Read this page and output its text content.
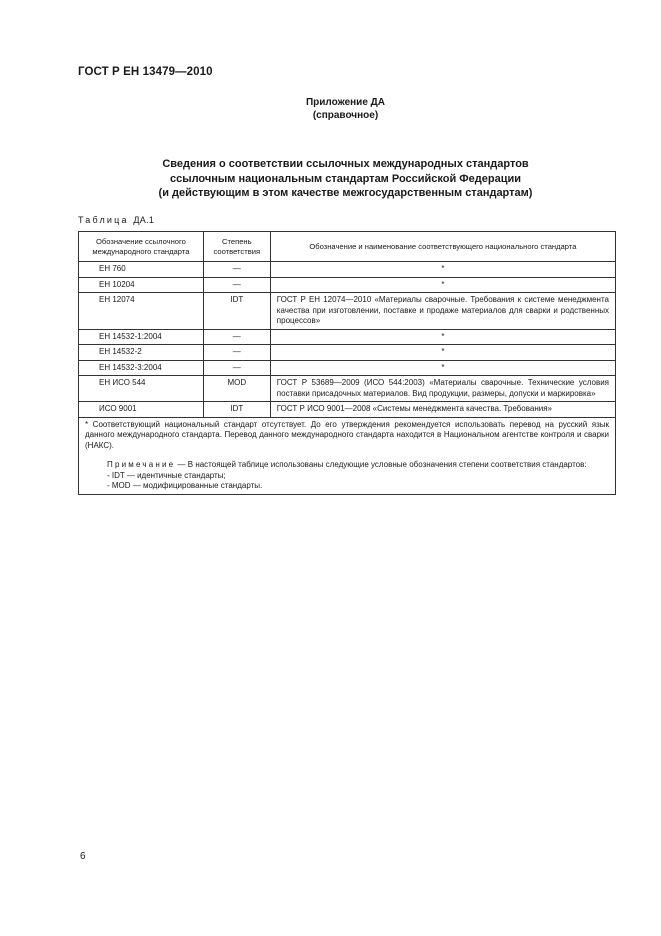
ГОСТ Р ЕН 13479—2010
Приложение ДА
(справочное)
Сведения о соответствии ссылочных международных стандартов
ссылочным национальным стандартам Российской Федерации
(и действующим в этом качестве межгосударственным стандартам)
Таблица ДА.1
Обозначение ссылочного международного стандарта	Степень соответствия	Обозначение и наименование соответствующего национального стандарта
ЕН 760	—	*
ЕН 10204	—	*
ЕН 12074	IDT	ГОСТ Р ЕН 12074—2010 «Материалы сварочные. Требования к системе менеджмента качества при изготовлении, поставке и продаже материалов для сварки и родственных процессов»
ЕН 14532-1:2004	—	*
ЕН 14532-2	—	*
ЕН 14532-3:2004	—	*
ЕН ИСО 544	MOD	ГОСТ Р 53689—2009 (ИСО 544:2003) «Материалы сварочные. Технические условия поставки присадочных материалов. Вид продукции, размеры, допуски и маркировка»
ИСО 9001	IDT	ГОСТ Р ИСО 9001—2008 «Системы менеджмента качества. Требования»

* Соответствующий национальный стандарт отсутствует. До его утверждения рекомендуется использовать перевод на русский язык данного международного стандарта. Перевод данного международного стандарта находится в Национальном агентстве контроля и сварки (НАКС).

Примечание — В настоящей таблице использованы следующие условные обозначения степени соответствия стандартов:

- IDT — идентичные стандарты;

- MOD — модифицированные стандарты.		

6
